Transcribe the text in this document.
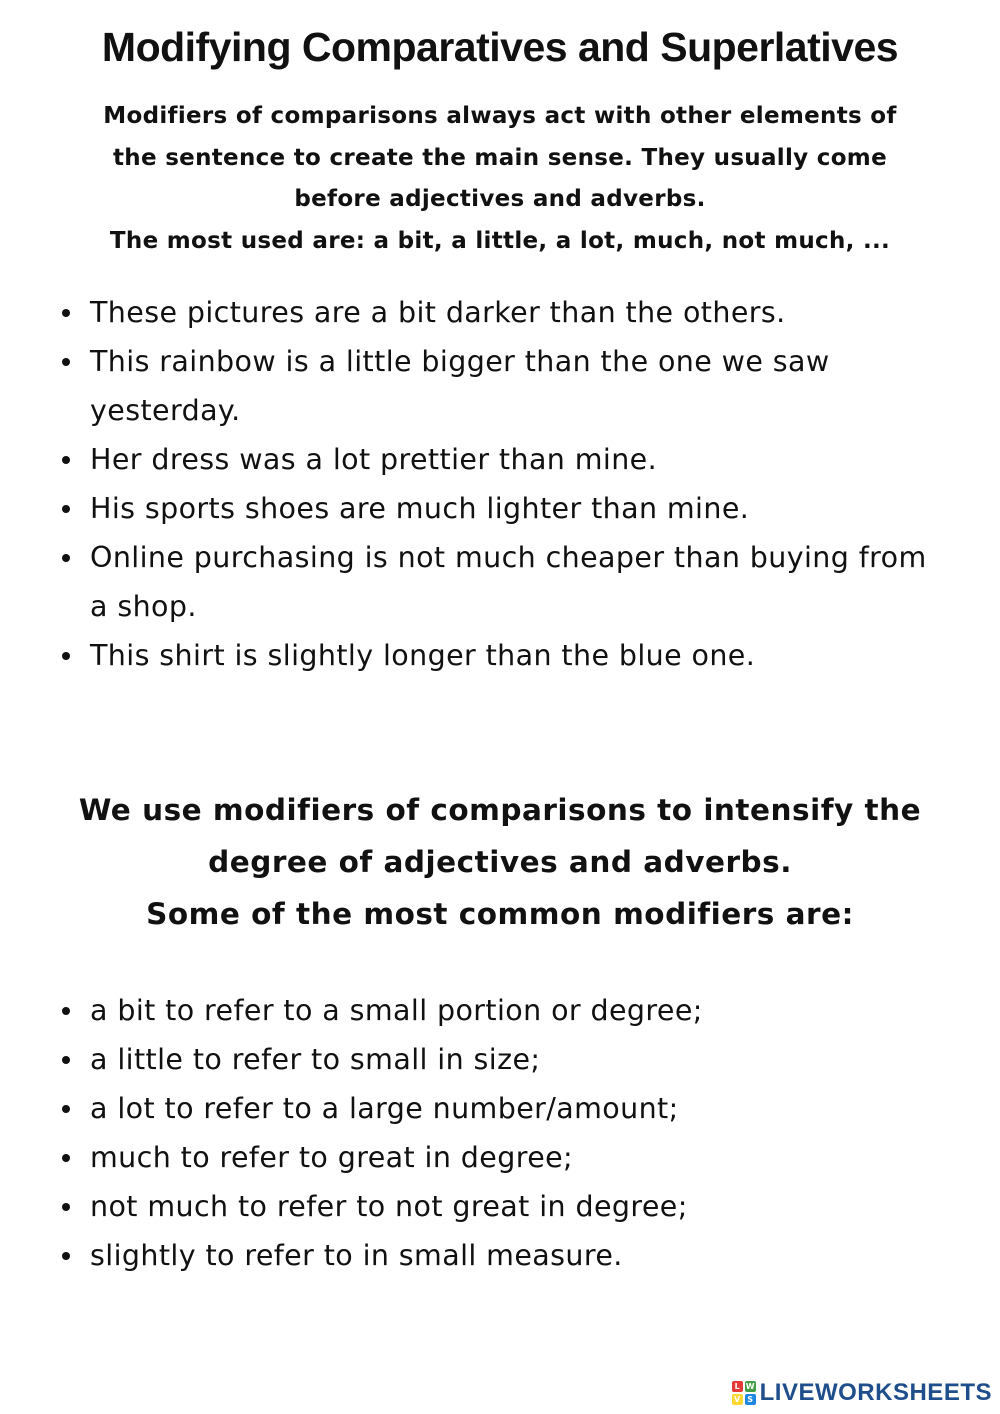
Modifying Comparatives and Superlatives

Modifiers of comparisons always act with other elements of

the sentence to create the main sense. They usually come

before adjectives and adverbs.

The most used are: a bit, a little, a lot, much, not much, ...

These pictures are a bit darker than the others.
This rainbow is a little bigger than the one we saw yesterday.
Her dress was a lot prettier than mine.
His sports shoes are much lighter than mine.
Online purchasing is not much cheaper than buying from a shop.
This shirt is slightly longer than the blue one.

We use modifiers of comparisons to intensify the

degree of adjectives and adverbs.

Some of the most common modifiers are:

a bit to refer to a small portion or degree;
a little to refer to small in size;
a lot to refer to a large number/amount;
much to refer to great in degree;
not much to refer to not great in degree;
slightly to refer to in small measure.
L W
V S LIVEWORKSHEETS
